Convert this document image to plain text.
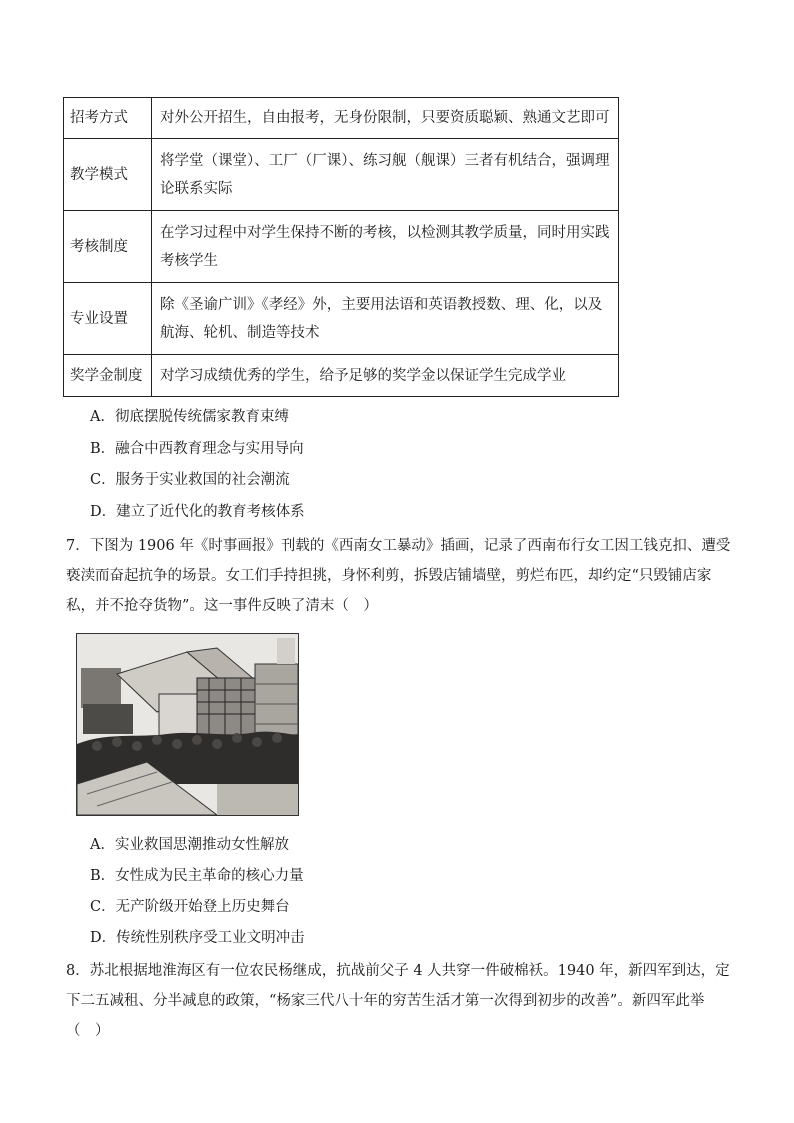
招考方式	对外公开招生，自由报考，无身份限制，只要资质聪颖、熟通文艺即可
教学模式	将学堂（课堂）、工厂（厂课）、练习舰（舰课）三者有机结合，强调理论联系实际
考核制度	在学习过程中对学生保持不断的考核，以检测其教学质量，同时用实践考核学生
专业设置	除《圣谕广训》《孝经》外，主要用法语和英语教授数、理、化，以及航海、轮机、制造等技术
奖学金制度	对学习成绩优秀的学生，给予足够的奖学金以保证学生完成学业
A．彻底摆脱传统儒家教育束缚
B．融合中西教育理念与实用导向
C．服务于实业救国的社会潮流
D．建立了近代化的教育考核体系
7．下图为 1906 年《时事画报》刊载的《西南女工暴动》插画，记录了西南布行女工因工钱克扣、遭受亵渎而奋起抗争的场景。女工们手持担挑，身怀利剪，拆毁店铺墙壁，剪烂布匹，却约定“只毁铺店家私，并不抢夺货物”。这一事件反映了清末（　）
A．实业救国思潮推动女性解放
B．女性成为民主革命的核心力量
C．无产阶级开始登上历史舞台
D．传统性别秩序受工业文明冲击
8．苏北根据地淮海区有一位农民杨继成，抗战前父子 4 人共穿一件破棉袄。1940 年，新四军到达，定下二五减租、分半减息的政策，“杨家三代八十年的穷苦生活才第一次得到初步的改善”。新四军此举（　）
